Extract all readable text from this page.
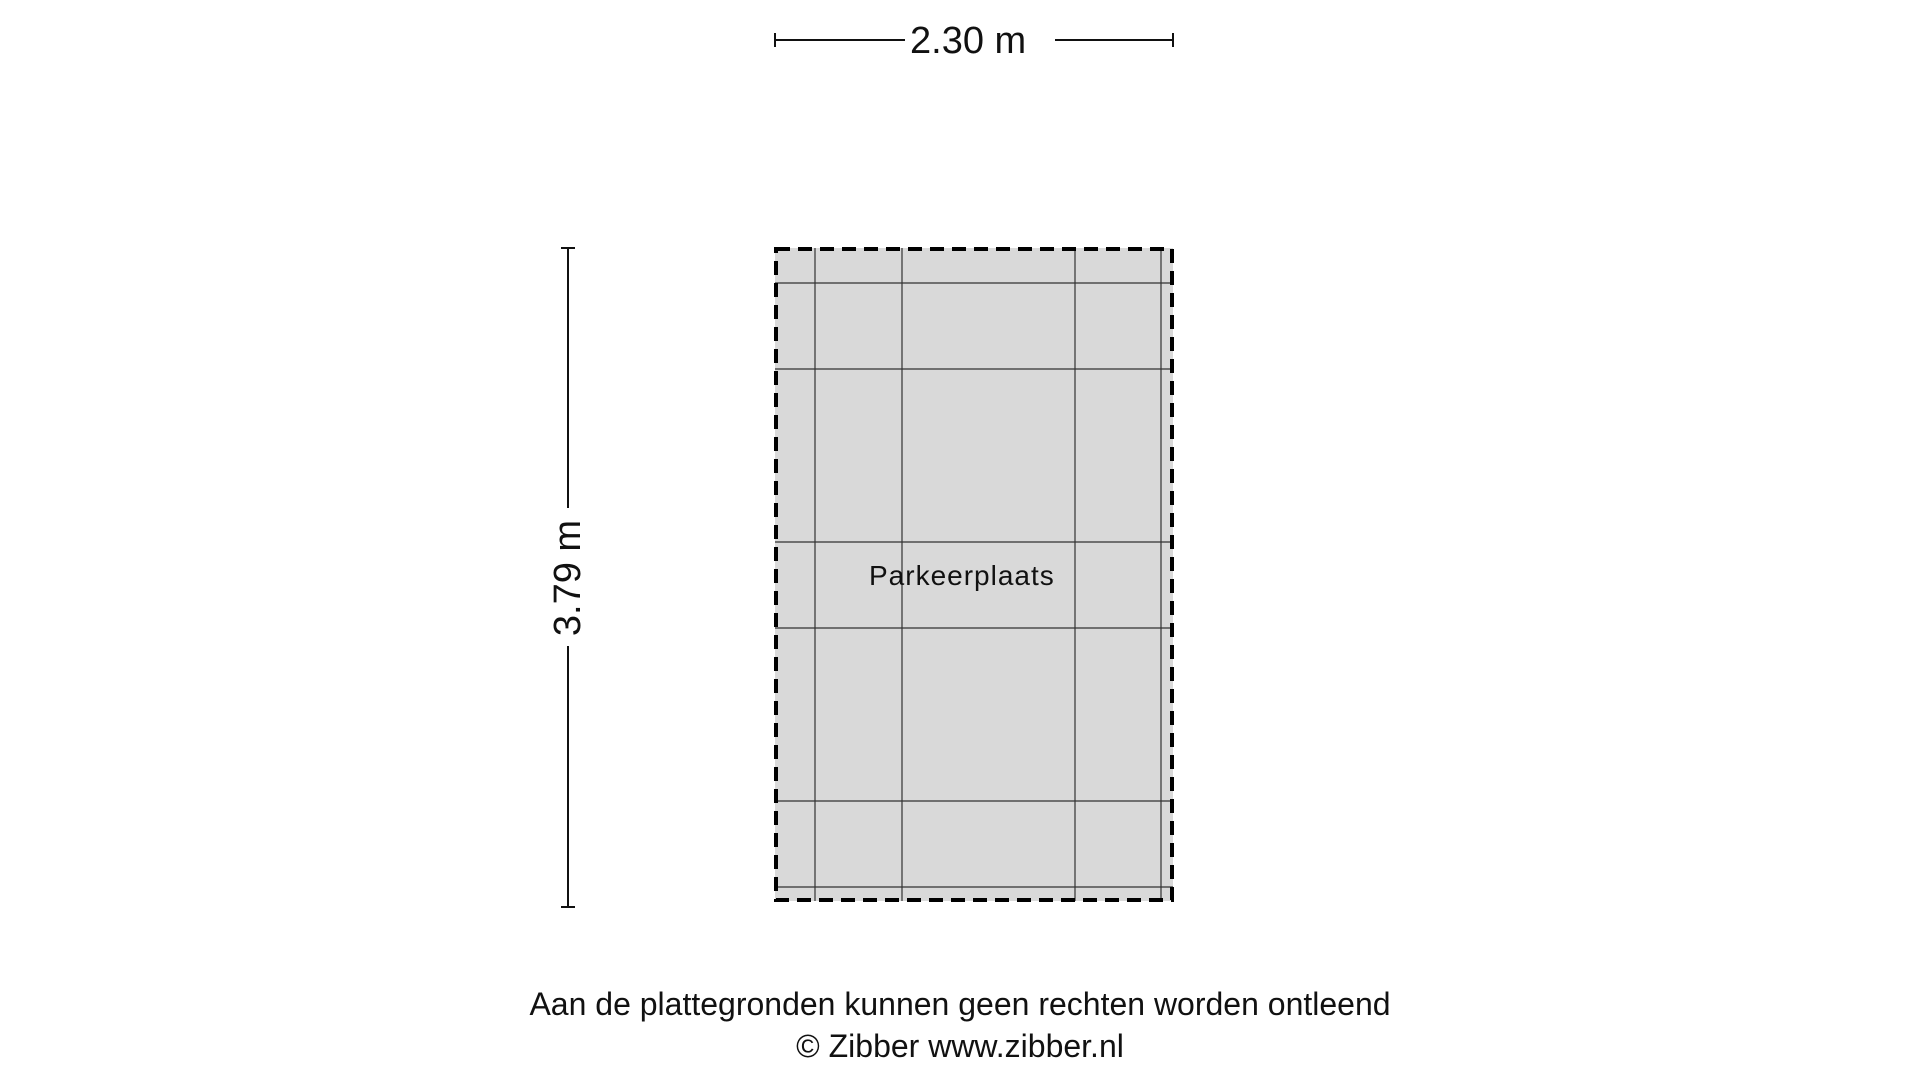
2.30 m
3.79 m	Parkeerplaats
Aan de plattegronden kunnen geen rechten worden ontleend
© Zibber www.zibber.nl
